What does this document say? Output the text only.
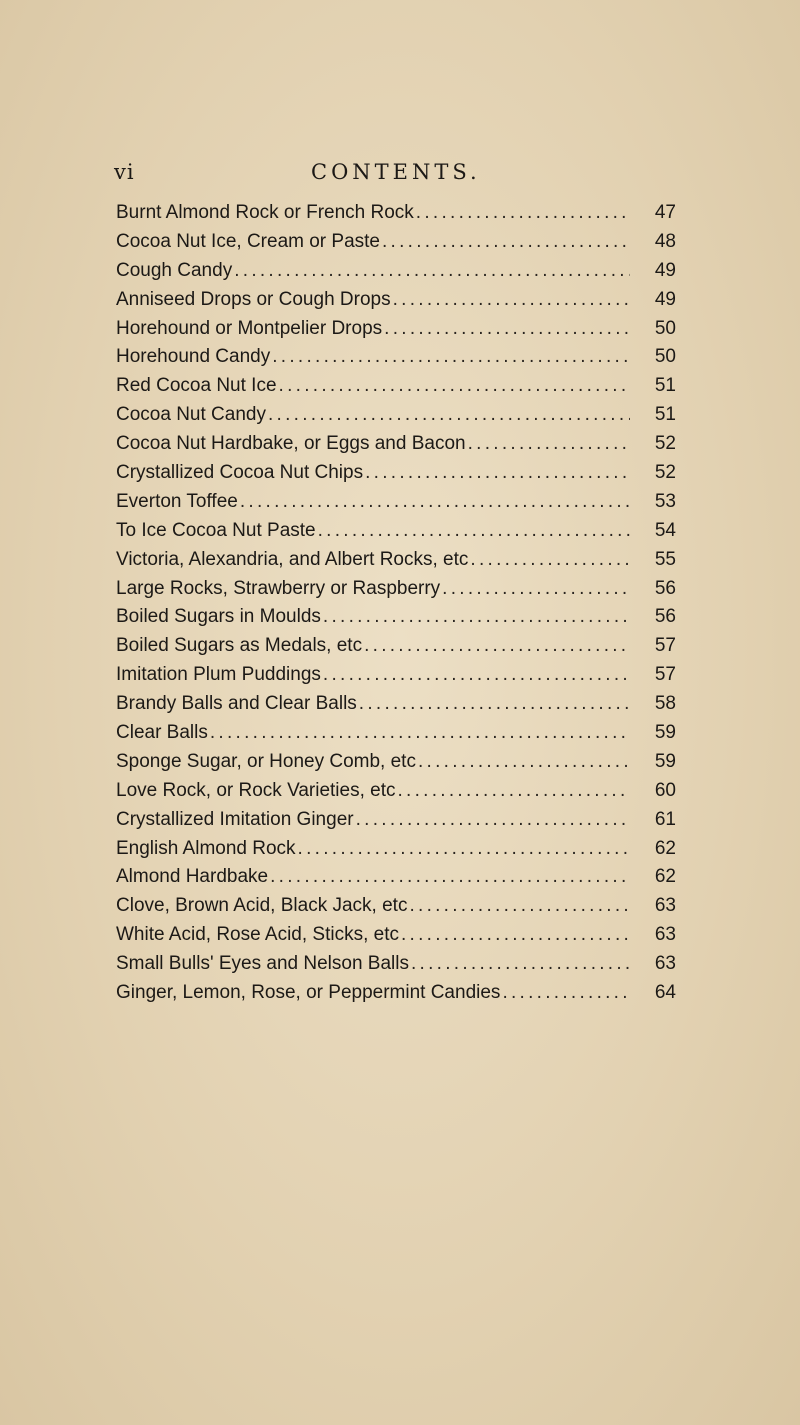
vi	CONTENTS.
Burnt Almond Rock or French Rock . . .	47
Cocoa Nut Ice, Cream or Paste . . .	48
Cough Candy . . .	49
Anniseed Drops or Cough Drops . . .	49
Horehound or Montpelier Drops . . .	50
Horehound Candy . . .	50
Red Cocoa Nut Ice . . .	51
Cocoa Nut Candy . . .	51
Cocoa Nut Hardbake, or Eggs and Bacon . . .	52
Crystallized Cocoa Nut Chips . . .	52
Everton Toffee . . .	53
To Ice Cocoa Nut Paste . . .	54
Victoria, Alexandria, and Albert Rocks, etc . . .	55
Large Rocks, Strawberry or Raspberry . . .	56
Boiled Sugars in Moulds . . .	56
Boiled Sugars as Medals, etc . . .	57
Imitation Plum Puddings . . .	57
Brandy Balls and Clear Balls . . .	58
Clear Balls . . .	59
Sponge Sugar, or Honey Comb, etc . . .	59
Love Rock, or Rock Varieties, etc . . .	60
Crystallized Imitation Ginger . . .	61
English Almond Rock . . .	62
Almond Hardbake . . .	62
Clove, Brown Acid, Black Jack, etc . . .	63
White Acid, Rose Acid, Sticks, etc . . .	63
Small Bulls' Eyes and Nelson Balls . . .	63
Ginger, Lemon, Rose, or Peppermint Candies . . .	64
